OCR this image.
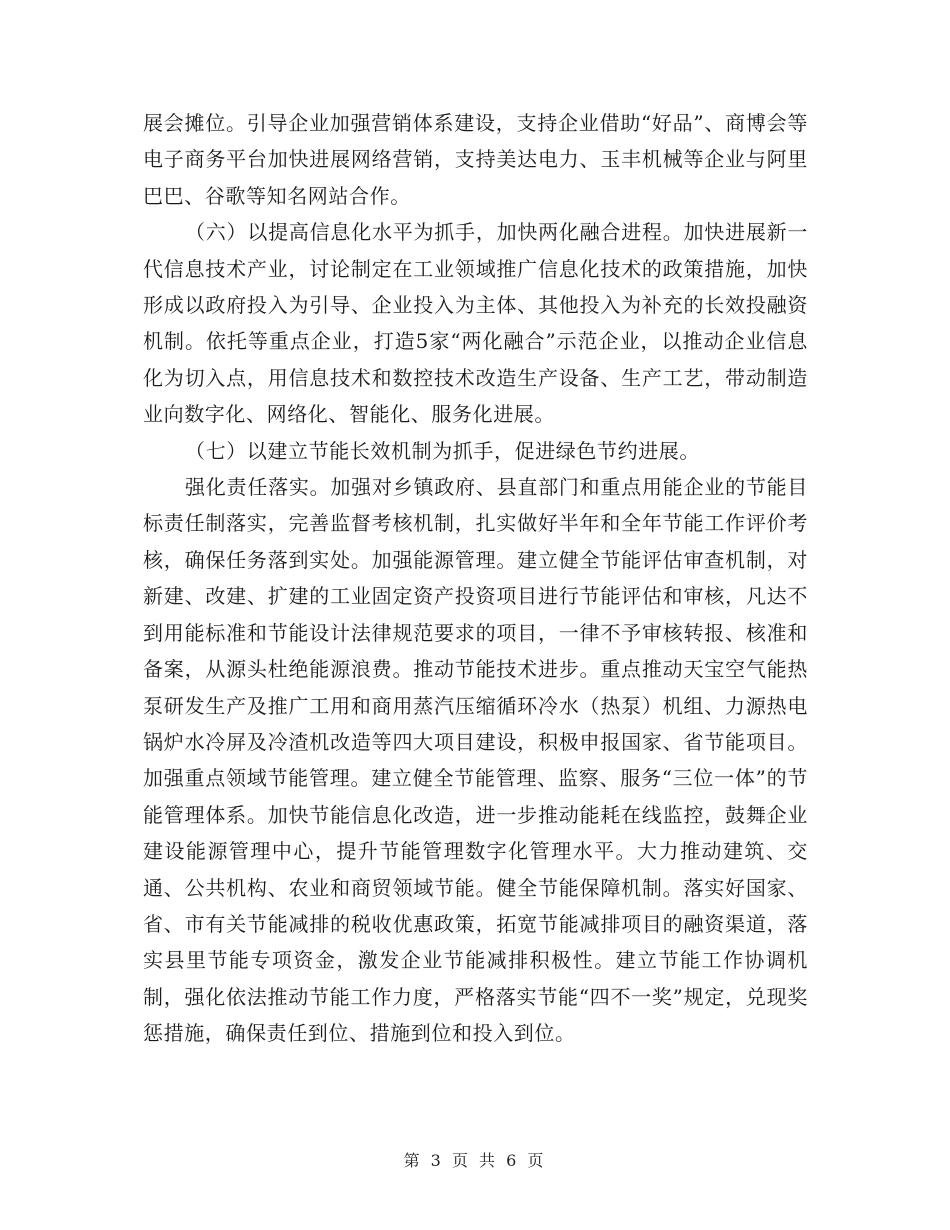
展会摊位。引导企业加强营销体系建设，支持企业借助“好品”、商博会等电子商务平台加快进展网络营销，支持美达电力、玉丰机械等企业与阿里巴巴、谷歌等知名网站合作。

（六）以提高信息化水平为抓手，加快两化融合进程。加快进展新一代信息技术产业，讨论制定在工业领域推广信息化技术的政策措施，加快形成以政府投入为引导、企业投入为主体、其他投入为补充的长效投融资机制。依托等重点企业，打造5家“两化融合”示范企业，以推动企业信息化为切入点，用信息技术和数控技术改造生产设备、生产工艺，带动制造业向数字化、网络化、智能化、服务化进展。

（七）以建立节能长效机制为抓手，促进绿色节约进展。

强化责任落实。加强对乡镇政府、县直部门和重点用能企业的节能目标责任制落实，完善监督考核机制，扎实做好半年和全年节能工作评价考核，确保任务落到实处。加强能源管理。建立健全节能评估审查机制，对新建、改建、扩建的工业固定资产投资项目进行节能评估和审核，凡达不到用能标准和节能设计法律规范要求的项目，一律不予审核转报、核准和备案，从源头杜绝能源浪费。推动节能技术进步。重点推动天宝空气能热泵研发生产及推广工用和商用蒸汽压缩循环冷水（热泵）机组、力源热电锅炉水冷屏及冷渣机改造等四大项目建设，积极申报国家、省节能项目。加强重点领域节能管理。建立健全节能管理、监察、服务“三位一体”的节能管理体系。加快节能信息化改造，进一步推动能耗在线监控，鼓舞企业建设能源管理中心，提升节能管理数字化管理水平。大力推动建筑、交通、公共机构、农业和商贸领域节能。健全节能保障机制。落实好国家、省、市有关节能减排的税收优惠政策，拓宽节能减排项目的融资渠道，落实县里节能专项资金，激发企业节能减排积极性。建立节能工作协调机制，强化依法推动节能工作力度，严格落实节能“四不一奖”规定，兑现奖惩措施，确保责任到位、措施到位和投入到位。

第 3 页 共 6 页
